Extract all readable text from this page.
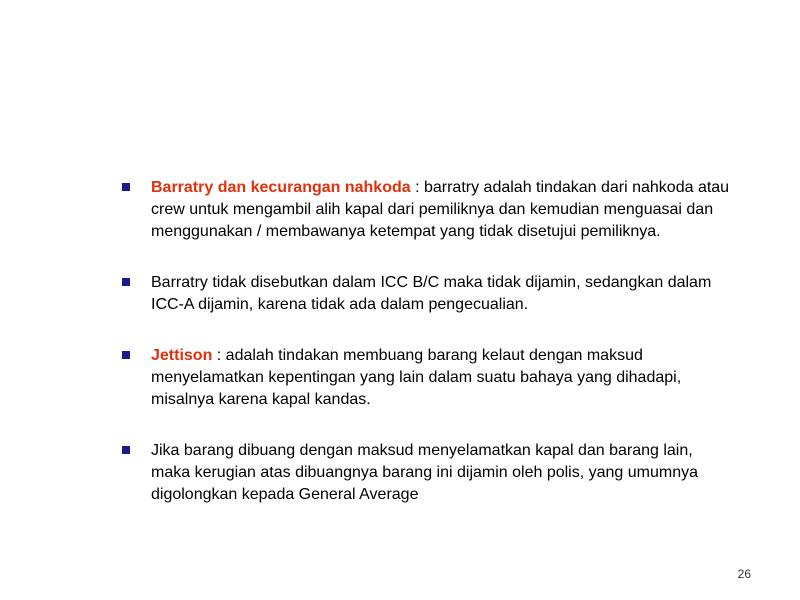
Barratry dan kecurangan nahkoda : barratry adalah tindakan dari nahkoda atau crew untuk mengambil alih kapal dari pemiliknya dan kemudian menguasai dan menggunakan / membawanya ketempat yang tidak disetujui pemiliknya.
Barratry tidak disebutkan dalam ICC B/C maka tidak dijamin, sedangkan dalam ICC-A dijamin, karena tidak ada dalam pengecualian.
Jettison : adalah tindakan membuang barang kelaut dengan maksud menyelamatkan kepentingan yang lain dalam suatu bahaya yang dihadapi, misalnya karena kapal kandas.
Jika barang dibuang dengan maksud menyelamatkan kapal dan barang lain, maka kerugian atas dibuangnya barang ini dijamin oleh polis, yang umumnya digolongkan kepada General Average
26
